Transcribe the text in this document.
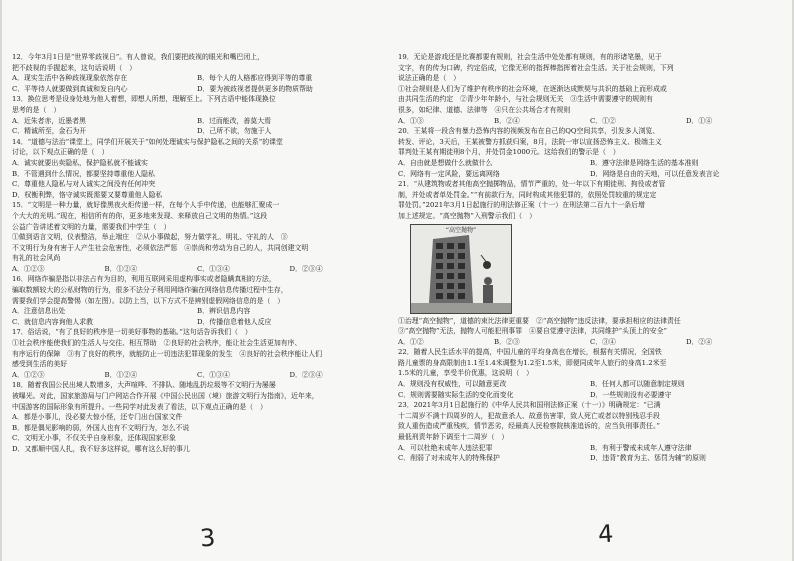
12．今年3月1日是“世界零歧视日”。有人曾说，我们要把歧视的眼光和嘴巴闭上，

把不歧视的手握起来，这句话说明（　）

A．现实生活中各种歧视现象依然存在	B．每个人的人格都应得到平等的尊重
C．平等待人就要做到真诚和发自内心	D．要为被歧视者提供更多的物质帮助

13．换位思考是设身处地为他人着想，即想人所想，理解至上。下列古语中能体现换位

思考的是（　）

A．近朱者赤，近墨者黑	B．过而能改，善莫大焉
C．精诚所至，金石为开	D．己所不欲，勿施于人

14．“道德与法治”课堂上，同学们开展关于“如何处理诚实与保护隐私之间的关系”的课堂

讨论，以下观点正确的是（　）

A．诚实就要出卖隐私，保护隐私就不能诚实

B．不管遇到什么情况，都要坚持尊重他人隐私

C．尊重他人隐私与对人诚实之间没有任何冲突

D．权衡利弊，恪守诚实既需要又要尊重他人隐私

15．“文明是一种力量，就好像黑夜火炬传递一样，在每个人手中传递，也能够汇聚成一

个大大的光明。”现在，相信所有的你，更多地来发现、来释放自己文明的热情。”这段

公益广告讲述着文明的力量，需要我们中学生（　）

①做到语言文明，仪表整洁，举止端庄　②从小事做起，努力做学礼、明礼、守礼的人　③

不文明行为身有害于人产生社会危害性，必须依法严惩　④崇尚和劳动为自己的人，共同创建文明

有礼的社会风尚

A．①②③	B．①②④	C．①③④	D．②③④

16．网络诈骗是指以非法占有为目的，利用互联网采用虚构事实或者隐瞒真相的方法，

骗取数额较大的公私财物的行为，很多不法分子利用网络诈骗在网络信息传播过程中生存，

需要我们学会提高警惕（如左图）。以防上当，以下方式不是辨别虚假网络信息的是（　）

A．注意信息出处	B．辨识信息内容
C．就信息内容询他人求教	D．传播信息着他人反应

17．俗话说，“有了良好的秩序是一切美好事物的基础。”这句话告诉我们（　）

①社会秩序能使我们的生活人与交往、相互帮助　②良好的社会秩序，能让社会生活更加有序、

有序运行的保障　③有了良好的秩序，就能防止一切违法犯罪现象的发生　④良好的社会秩序能让人们

感受到生活的美好

A．①②③	B．①②④	C．①③④	D．②③④

18．随着我国公民出境人数增多，大声喧哗、不排队、随地乱扔垃圾等不文明行为屡屡

被曝光。对此，国家旅游局与门户网站合作开展《中国公民出国（境）旅游文明行为指南》，近年来，

中国游客的国际形象有所提升。一些同学对此发表了看法，以下观点正确的是（　）

A．都是小事儿，没必要大惊小怪，还专门出台国家文件

B．都是偶见影响的弱，外国人也有不文明行为，怎么不说

C．文明无小事，不仅关乎自身形象，还体现国家形象

D．又都顺中国人扎，我不好多这样说，哪有这么好的事儿

19．无论是游戏还是比赛都要有规则，社会生活中处处都有规则，有的形诸笔墨，见于

文字，有的传为口碑，约定俗成，它像无形的指挥棒指挥着社会生活。关于社会规则，下列

说法正确的是（　）

①社会规则是人们为了维护有秩序的社会环境，在逐渐达成默契与共识的基础上而形成或

由共同生活的约定　②青少年年龄小，与社会规则无关　③生活中需要遵守的规则有

很多，如纪律、道德、法律等　④只在公共场合才有规则

A．①③	B．②④	C．①②	D．①④

20．王某将一段含有暴力恐怖内容的视频发布在自己的QQ空间共享，引发多人浏览、

转发、评论，3天后，王某被警方抓获归案，8月，法院一审以宣扬恐怖主义、极端主义

罪判处王某有期徒刑8个月，并处罚金1000元。这给我们的警示是（　）

A．自由就是想做什么就做什么	B．遵守法律是网络生活的基本准则
C．网络有一定风险，要远离网络	D．网络是自由的天地，可以任意发表言论

21．“从建筑物或者其他高空抛掷物品，情节严重的，处一年以下有期徒刑、拘役或者管

制，并处或者单处罚金。”“有前款行为，同时构成其他犯罪的，依照处罚较重的规定定

罪处罚。”2021年3月1日起施行的刑法修正案（十一）在刑法第二百九十一条后增

加上述规定。“高空抛物”入刑警示我们（　）

“高空抛物”

①治理“高空抛物”，道德的束比法律更重要　②“高空抛物”违反法律，要承担相应的法律责任

③“高空抛物”无法，抛物人可能犯刑事罪　④要自觉遵守法律，共同维护“头顶上的安全”

A．①②	B．②③	C．③④	D．②④

22．随着人民生活水平的提高，中国儿童的平均身高也在增长，根据有关情况，全国铁

路儿童票的身高限制由1.1至1.4米调整为1.2至1.5米，即便同成年人旅行的身高1.2米至

1.5米的儿童，享受半价优惠，这说明（　）

A．规则没有权威性，可以随意更改	B．任何人都可以随意制定规则
C．规则需要随实际生活的变化而变化	D．一些规则没有必要遵守

23．2021年3月1日起施行的《中华人民共和国刑法修正案（十一）》明确规定：“已满

十二周岁不满十四周岁的人，犯故意杀人、故意伤害罪，致人死亡或者以特别残忍手段

致人重伤造成严重残疾，情节恶劣，经最高人民检察院核准追诉的，应当负刑事责任。”

最低刑责年龄下调至十二周岁（　）

A．可以杜绝未成年人违法犯罪	B．有利于警戒未成年人遵守法律
C．削弱了对未成年人的特殊保护	D．违背“教育为主、惩罚为辅”的原则
3	4
